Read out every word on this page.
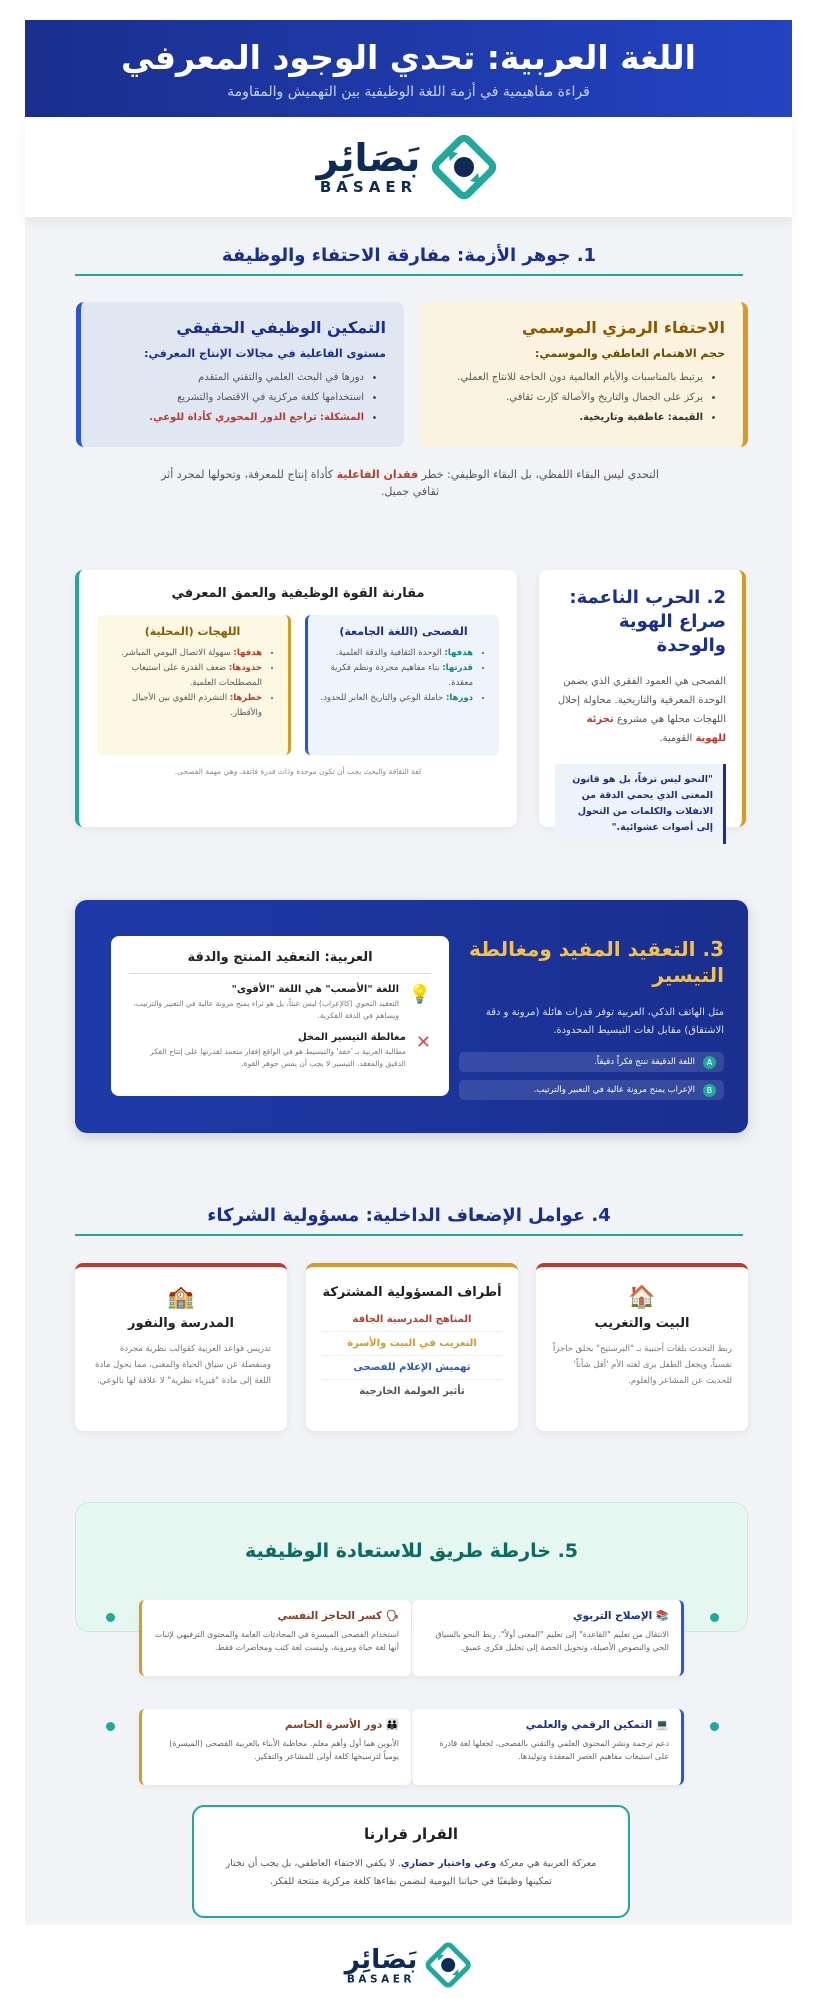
اللغة العربية: تحدي الوجود المعرفي

قراءة مفاهيمية في أزمة اللغة الوظيفية بين التهميش والمقاومة

بَصَائِر
BASAER
1. جوهر الأزمة: مفارقة الاحتفاء والوظيفة
الاحتفاء الرمزي الموسمي
حجم الاهتمام العاطفي والموسمي:
• يرتبط بالمناسبات والأيام العالمية دون الحاجة للانتاج العملي.
• يركز على الجمال والتاريخ والأصالة كإرث ثقافي.
• القيمة: عاطفية وتاريخية.
التمكين الوظيفي الحقيقي
مستوى الفاعلية في مجالات الإنتاج المعرفي:
• دورها في البحث العلمي والتقني المتقدم
• استخدامها كلغة مركزية في الاقتصاد والتشريع
• المشكلة: تراجع الدور المحوري كأداة للوعي.
التحدي ليس البقاء اللفظي، بل البقاء الوظيفي: خطر فقدان الفاعلية كأداة إنتاج للمعرفة، وتحولها لمجرد أثر ثقافي جميل.
2. الحرب الناعمة: صراع الهوية والوحدة

الفصحى هي العمود الفقري الذي يضمن الوحدة المعرفية والتاريخية. محاولة إحلال اللهجات محلها هي مشروع تجزئة للهوية القومية.

"النحو ليس ترفاً، بل هو قانون المعنى الذي يحمي الدقة من الانفلات والكلمات من التحول إلى أصوات عشوائية."
مقارنة القوة الوظيفية والعمق المعرفي
الفصحى (اللغة الجامعة)
• هدفها: الوحدة الثقافية والدقة العلمية.
• قدرتها: بناء مفاهيم مجردة ونظم فكرية معقدة.
• دورها: حاملة الوعي والتاريخ العابر للحدود.
اللهجات (المحلية)
• هدفها: سهولة الاتصال اليومي المباشر.
• حدودها: ضعف القدرة على استيعاب المصطلحات العلمية.
• خطرها: التشرذم اللغوي بين الأجيال والأقطار.
لغة الثقافة والبحث يجب أن تكون موحدة وذات قدرة فائقة، وهي مهمة الفصحى.
3. التعقيد المفيد ومغالطة التيسير

مثل الهاتف الذكي، العربية توفر قدرات هائلة (مرونة و دقة الاشتقاق) مقابل لغات التبسيط المحدودة.

A
اللغة الدقيقة تنتج فكراً دقيقاً.
B
الإعراب يمنح مرونة عالية في التعبير والترتيب.
العربية: التعقيد المنتج والدقة
💡
اللغة "الأصعب" هي اللغة "الأقوى"

التعقيد النحوي (كالإعراب) ليس عبثاً، بل هو ثراء يمنح مرونة عالية في التعبير والترتيب، ويساهم في الدقة الفكرية.

✕
مغالطة التيسير المخل

مطالبة العربية بـ 'خفة' والتبسيط هو في الواقع إفقار متعمد لقدرتها على إنتاج الفكر الدقيق والمعقد. التيسير لا يجب أن يمس جوهر القوة.

4. عوامل الإضعاف الداخلية: مسؤولية الشركاء
🏠
البيت والتغريب

ربط التحدث بلغات أجنبية بـ "البرستيج" يخلق حاجزاً نفسياً، ويجعل الطفل يرى لغته الأم 'أقل شأناً' للحديث عن المشاعر والعلوم.

أطراف المسؤولية المشتركة
المناهج المدرسية الجافة
التغريب في البيت والأسرة
تهميش الإعلام للفصحى
تأثير العولمة الخارجية
🏫
المدرسة والنفور

تدريس قواعد العربية كقوالب نظرية مجردة ومنفصلة عن سياق الحياة والمعنى، مما يحول مادة اللغة إلى مادة "فيزياء نظرية" لا علاقة لها بالوعي.

5. خارطة طريق للاستعادة الوظيفية
📚 الإصلاح التربوي

الانتقال من تعليم "القاعدة" إلى تعليم "المعنى أولاً". ربط النحو بالسياق الحي والنصوص الأصيلة، وتحويل الحصة إلى تحليل فكري عميق.

🗣 كسر الحاجز النفسي

استخدام الفصحى الميسرة في المحادثات العامة والمحتوى الترفيهي لإثبات أنها لغة حياة ومرونة، وليست لغة كتب ومحاضرات فقط.

💻 التمكين الرقمي والعلمي

دعم ترجمة ونشر المحتوى العلمي والتقني بالفصحى، لجعلها لغة قادرة على استيعاب مفاهيم العصر المعقدة وتوليدها.

👪 دور الأسرة الحاسم

الأبوين هما أول وأهم معلم. مخاطبة الأبناء بالعربية الفصحى (الميسرة) يومياً لترسيخها كلغة أولى للمشاعر والتفكير.

القرار قرارنا

معركة العربية هي معركة وعي واختيار حضاري. لا يكفي الاحتفاء العاطفي، بل يجب أن نختار تمكينها وظيفيًا في حياتنا اليومية لنضمن بقاءها كلغة مركزية منتجة للفكر.

بَصَائِر
BASAER
